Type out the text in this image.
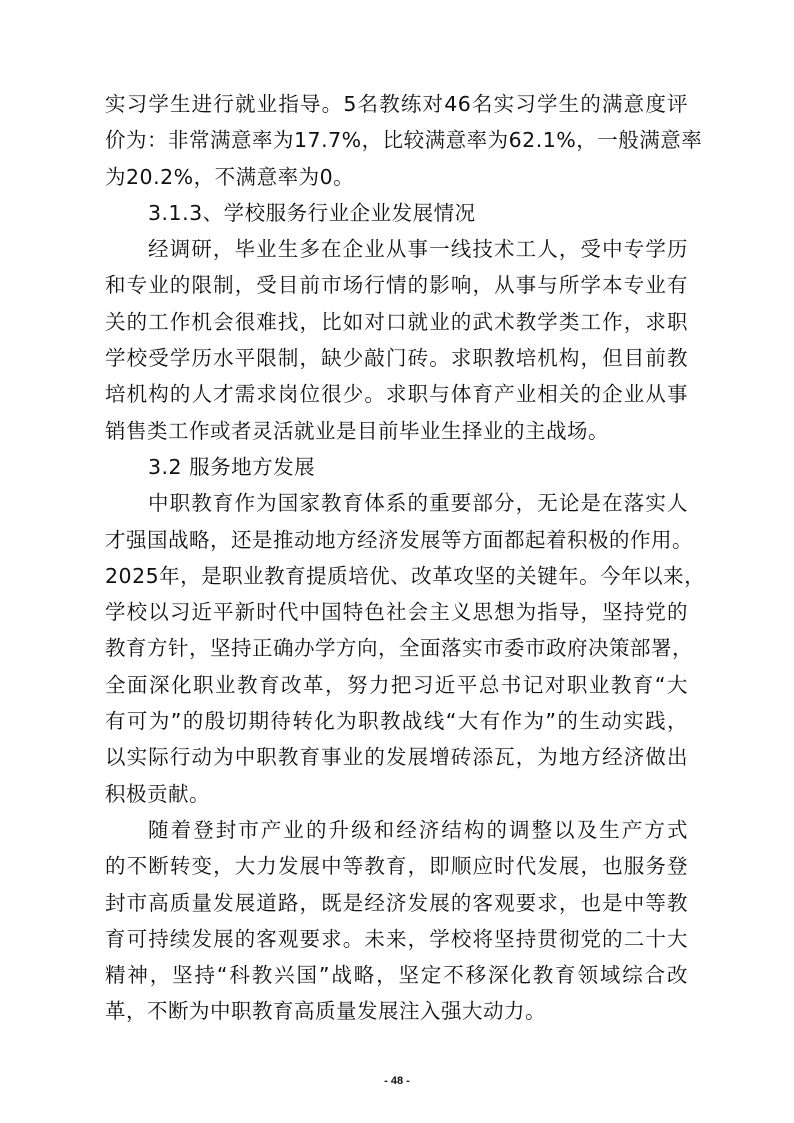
实习学生进行就业指导。5名教练对46名实习学生的满意度评
价为：非常满意率为17.7%，比较满意率为62.1%，一般满意率
为20.2%，不满意率为0。
3.1.3、学校服务行业企业发展情况
经调研，毕业生多在企业从事一线技术工人，受中专学历
和专业的限制，受目前市场行情的影响，从事与所学本专业有
关的工作机会很难找，比如对口就业的武术教学类工作，求职
学校受学历水平限制，缺少敲门砖。求职教培机构，但目前教
培机构的人才需求岗位很少。求职与体育产业相关的企业从事
销售类工作或者灵活就业是目前毕业生择业的主战场。
3.2 服务地方发展
中职教育作为国家教育体系的重要部分，无论是在落实人
才强国战略，还是推动地方经济发展等方面都起着积极的作用。
2025年，是职业教育提质培优、改革攻坚的关键年。今年以来，
学校以习近平新时代中国特色社会主义思想为指导，坚持党的
教育方针，坚持正确办学方向，全面落实市委市政府决策部署，
全面深化职业教育改革，努力把习近平总书记对职业教育“大
有可为”的殷切期待转化为职教战线“大有作为”的生动实践，
以实际行动为中职教育事业的发展增砖添瓦，为地方经济做出
积极贡献。
随着登封市产业的升级和经济结构的调整以及生产方式
的不断转变，大力发展中等教育，即顺应时代发展，也服务登
封市高质量发展道路，既是经济发展的客观要求，也是中等教
育可持续发展的客观要求。未来，学校将坚持贯彻党的二十大
精神，坚持“科教兴国”战略，坚定不移深化教育领域综合改
革，不断为中职教育高质量发展注入强大动力。
- 48 -
